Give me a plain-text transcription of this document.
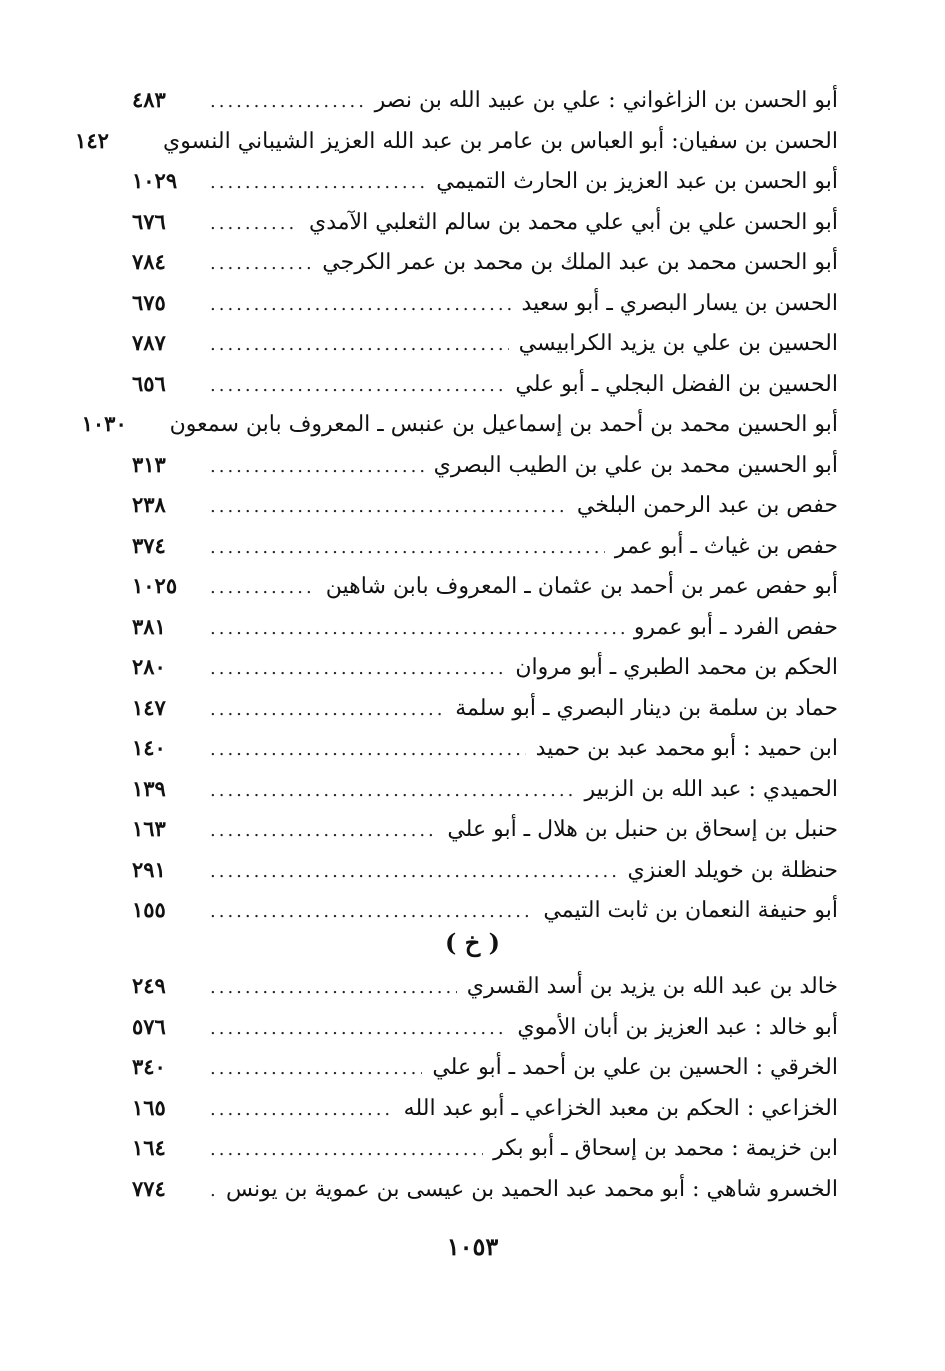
أبو الحسن بن الزاغواني : علي بن عبيد الله بن نصر
.....
٤٨٣
الحسن بن سفيان: أبو العباس بن عامر بن عبد الله العزيز الشيباني النسوي
١٤٢
أبو الحسن بن عبد العزيز بن الحارث التميمي
.....
١٠٢٩
أبو الحسن علي بن أبي علي محمد بن سالم الثعلبي الآمدي
.....
٦٧٦
أبو الحسن محمد بن عبد الملك بن محمد بن عمر الكرجي
.....
٧٨٤
الحسن بن يسار البصري ـ أبو سعيد
.....
٦٧٥
الحسين بن علي بن يزيد الكرابيسي
.....
٧٨٧
الحسين بن الفضل البجلي ـ أبو علي
.....
٦٥٦
أبو الحسين محمد بن أحمد بن إسماعيل بن عنبس ـ المعروف بابن سمعون
١٠٣٠
أبو الحسين محمد بن علي بن الطيب البصري
.....
٣١٣
حفص بن عبد الرحمن البلخي
.....
٢٣٨
حفص بن غياث ـ أبو عمر
.....
٣٧٤
أبو حفص عمر بن أحمد بن عثمان ـ المعروف بابن شاهين
.....
١٠٢٥
حفص الفرد ـ أبو عمرو
.....
٣٨١
الحكم بن محمد الطبري ـ أبو مروان
.....
٢٨٠
حماد بن سلمة بن دينار البصري ـ أبو سلمة
.....
١٤٧
ابن حميد : أبو محمد عبد بن حميد
.....
١٤٠
الحميدي : عبد الله بن الزبير
.....
١٣٩
حنبل بن إسحاق بن حنبل بن هلال ـ أبو علي
.....
١٦٣
حنظلة بن خويلد العنزي
.....
٢٩١
أبو حنيفة النعمان بن ثابت التيمي
.....
١٥٥
( خ )
خالد بن عبد الله بن يزيد بن أسد القسري
.....
٢٤٩
أبو خالد : عبد العزيز بن أبان الأموي
.....
٥٧٦
الخرقي : الحسين بن علي بن أحمد ـ أبو علي
.....
٣٤٠
الخزاعي : الحكم بن معبد الخزاعي ـ أبو عبد الله
.....
١٦٥
ابن خزيمة : محمد بن إسحاق ـ أبو بكر
.....
١٦٤
الخسرو شاهي : أبو محمد عبد الحميد بن عيسى بن عموية بن يونس
.....
٧٧٤
١٠٥٣
